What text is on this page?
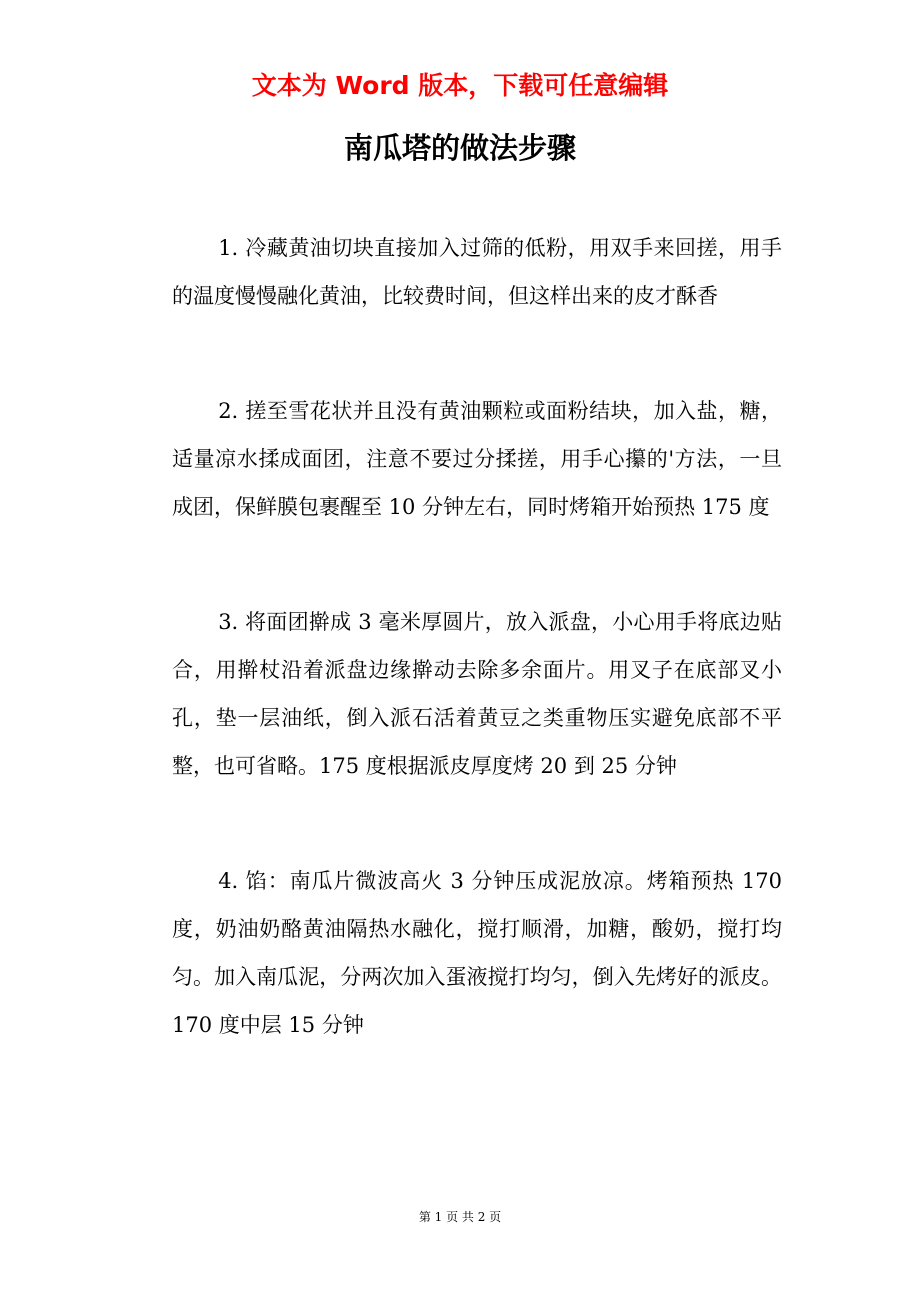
文本为 Word 版本，下载可任意编辑
南瓜塔的做法步骤

1. 冷藏黄油切块直接加入过筛的低粉，用双手来回搓，用手的温度慢慢融化黄油，比较费时间，但这样出来的皮才酥香

2. 搓至雪花状并且没有黄油颗粒或面粉结块，加入盐，糖，适量凉水揉成面团，注意不要过分揉搓，用手心攥的'方法，一旦成团，保鲜膜包裹醒至 10 分钟左右，同时烤箱开始预热 175 度

3. 将面团擀成 3 毫米厚圆片，放入派盘，小心用手将底边贴合，用擀杖沿着派盘边缘擀动去除多余面片。用叉子在底部叉小孔，垫一层油纸，倒入派石活着黄豆之类重物压实避免底部不平整，也可省略。175 度根据派皮厚度烤 20 到 25 分钟

4. 馅：南瓜片微波高火 3 分钟压成泥放凉。烤箱预热 170 度，奶油奶酪黄油隔热水融化，搅打顺滑，加糖，酸奶，搅打均匀。加入南瓜泥，分两次加入蛋液搅打均匀，倒入先烤好的派皮。170 度中层 15 分钟

第 1 页 共 2 页
